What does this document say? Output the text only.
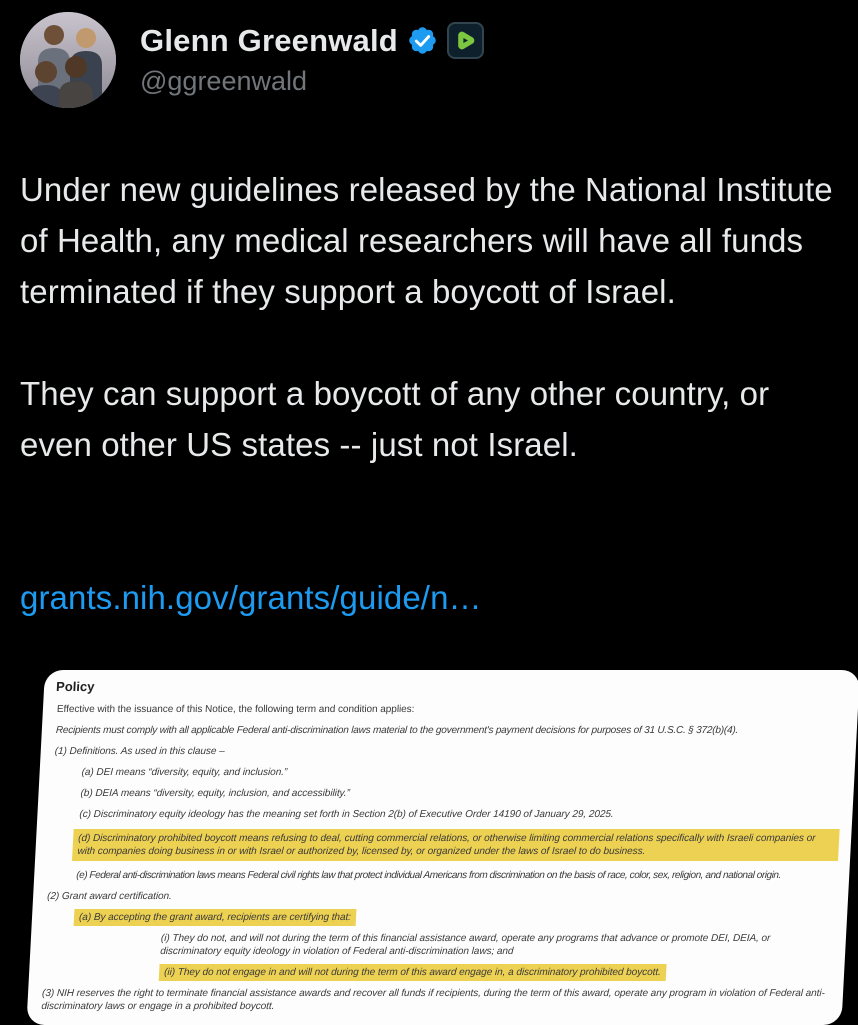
Glenn Greenwald
@ggreenwald

Under new guidelines released by the National Institute of Health, any medical researchers will have all funds terminated if they support a boycott of Israel.

They can support a boycott of any other country, or even other US states -- just not Israel.

grants.nih.gov/grants/guide/n…
Policy

Effective with the issuance of this Notice, the following term and condition applies:

Recipients must comply with all applicable Federal anti-discrimination laws material to the government's payment decisions for purposes of 31 U.S.C. § 372(b)(4).

(1) Definitions. As used in this clause –

(a) DEI means “diversity, equity, and inclusion.”

(b) DEIA means “diversity, equity, inclusion, and accessibility.”

(c) Discriminatory equity ideology has the meaning set forth in Section 2(b) of Executive Order 14190 of January 29, 2025.

(d) Discriminatory prohibited boycott means refusing to deal, cutting commercial relations, or otherwise limiting commercial relations specifically with Israeli companies or with companies doing business in or with Israel or authorized by, licensed by, or organized under the laws of Israel to do business.

(e) Federal anti-discrimination laws means Federal civil rights law that protect individual Americans from discrimination on the basis of race, color, sex, religion, and national origin.

(2) Grant award certification.

(a) By accepting the grant award, recipients are certifying that:

(i) They do not, and will not during the term of this financial assistance award, operate any programs that advance or promote DEI, DEIA, or discriminatory equity ideology in violation of Federal anti-discrimination laws; and

(ii) They do not engage in and will not during the term of this award engage in, a discriminatory prohibited boycott.

(3) NIH reserves the right to terminate financial assistance awards and recover all funds if recipients, during the term of this award, operate any program in violation of Federal anti-discriminatory laws or engage in a prohibited boycott.
